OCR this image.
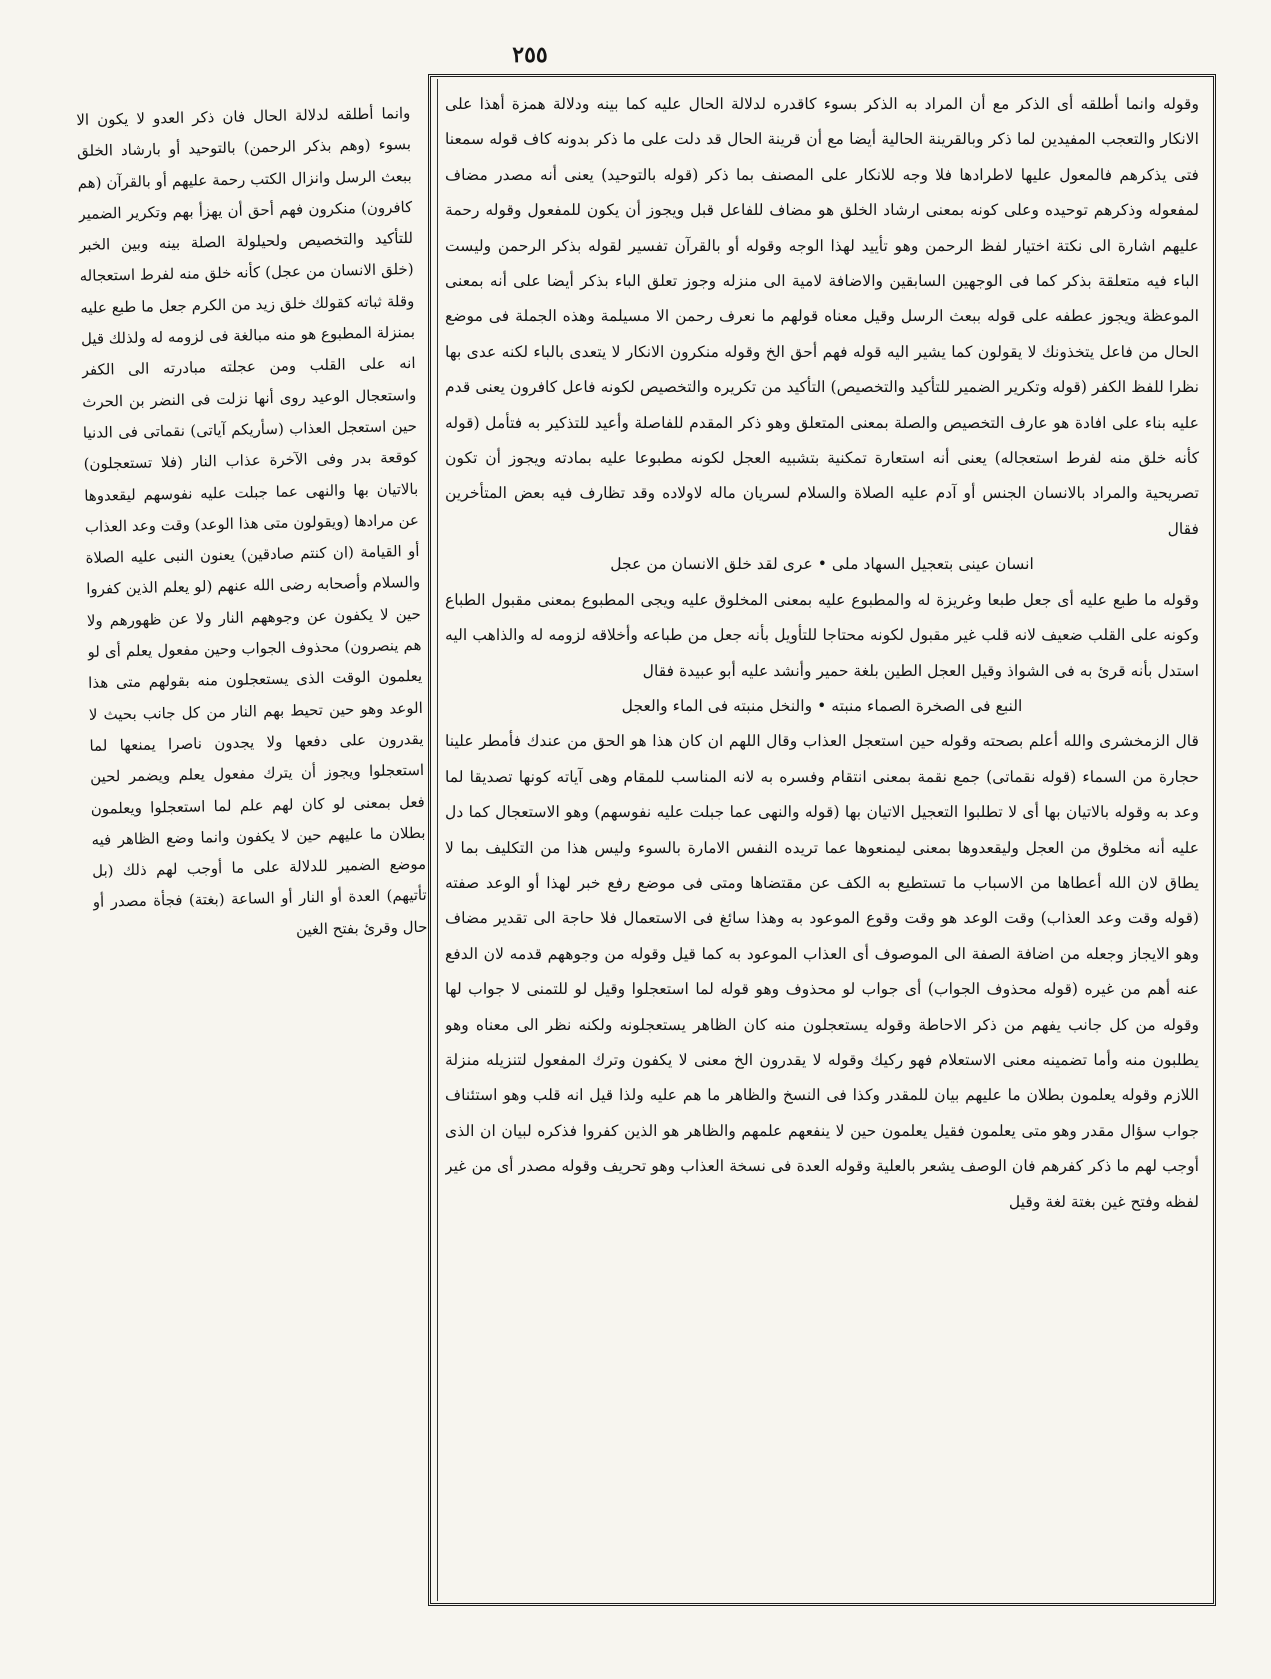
٢٥٥

وقوله وانما أطلقه أى الذكر مع أن المراد به الذكر بسوء كاقدره لدلالة الحال عليه كما بينه ودلالة همزة أهذا على الانكار والتعجب المفيدين لما ذكر وبالقرينة الحالية أيضا مع أن قرينة الحال قد دلت على ما ذكر بدونه كاف قوله سمعنا فتى يذكرهم فالمعول عليها لاطرادها فلا وجه للانكار على المصنف بما ذكر (قوله بالتوحيد) يعنى أنه مصدر مضاف لمفعوله وذكرهم توحيده وعلى كونه بمعنى ارشاد الخلق هو مضاف للفاعل قبل ويجوز أن يكون للمفعول وقوله رحمة عليهم اشارة الى نكتة اختيار لفظ الرحمن وهو تأييد لهذا الوجه وقوله أو بالقرآن تفسير لقوله بذكر الرحمن وليست الباء فيه متعلقة بذكر كما فى الوجهين السابقين والاضافة لامية الى منزله وجوز تعلق الباء بذكر أيضا على أنه بمعنى الموعظة ويجوز عطفه على قوله ببعث الرسل وقيل معناه قولهم ما نعرف رحمن الا مسيلمة وهذه الجملة فى موضع الحال من فاعل يتخذونك لا يقولون كما يشير اليه قوله فهم أحق الخ وقوله منكرون الانكار لا يتعدى بالباء لكنه عدى بها نظرا للفظ الكفر (قوله وتكرير الضمير للتأكيد والتخصيص) التأكيد من تكريره والتخصيص لكونه فاعل كافرون يعنى قدم عليه بناء على افادة هو عارف التخصيص والصلة بمعنى المتعلق وهو ذكر المقدم للفاصلة وأعيد للتذكير به فتأمل (قوله كأنه خلق منه لفرط استعجاله) يعنى أنه استعارة تمكنية بتشبيه العجل لكونه مطبوعا عليه بمادته ويجوز أن تكون تصريحية والمراد بالانسان الجنس أو آدم عليه الصلاة والسلام لسريان ماله لاولاده وقد تظارف فيه بعض المتأخرين فقال

انسان عينى بتعجيل السهاد ملى • عرى لقد خلق الانسان من عجل

وقوله ما طبع عليه أى جعل طبعا وغريزة له والمطبوع عليه بمعنى المخلوق عليه ويجى المطبوع بمعنى مقبول الطباع وكونه على القلب ضعيف لانه قلب غير مقبول لكونه محتاجا للتأويل بأنه جعل من طباعه وأخلاقه لزومه له والذاهب اليه استدل بأنه قرئ به فى الشواذ وقيل العجل الطين بلغة حمير وأنشد عليه أبو عبيدة فقال

النبع فى الصخرة الصماء منبته • والنخل منبته فى الماء والعجل

قال الزمخشرى والله أعلم بصحته وقوله حين استعجل العذاب وقال اللهم ان كان هذا هو الحق من عندك فأمطر علينا حجارة من السماء (قوله نقماتى) جمع نقمة بمعنى انتقام وفسره به لانه المناسب للمقام وهى آياته كونها تصديقا لما وعد به وقوله بالاتيان بها أى لا تطلبوا التعجيل الاتيان بها (قوله والنهى عما جبلت عليه نفوسهم) وهو الاستعجال كما دل عليه أنه مخلوق من العجل وليقعدوها بمعنى ليمنعوها عما تريده النفس الامارة بالسوء وليس هذا من التكليف بما لا يطاق لان الله أعطاها من الاسباب ما تستطيع به الكف عن مقتضاها ومتى فى موضع رفع خبر لهذا أو الوعد صفته (قوله وقت وعد العذاب) وقت الوعد هو وقت وقوع الموعود به وهذا سائغ فى الاستعمال فلا حاجة الى تقدير مضاف وهو الايجاز وجعله من اضافة الصفة الى الموصوف أى العذاب الموعود به كما قيل وقوله من وجوههم قدمه لان الدفع عنه أهم من غيره (قوله محذوف الجواب) أى جواب لو محذوف وهو قوله لما استعجلوا وقيل لو للتمنى لا جواب لها وقوله من كل جانب يفهم من ذكر الاحاطة وقوله يستعجلون منه كان الظاهر يستعجلونه ولكنه نظر الى معناه وهو يطلبون منه وأما تضمينه معنى الاستعلام فهو ركيك وقوله لا يقدرون الخ معنى لا يكفون وترك المفعول لتنزيله منزلة اللازم وقوله يعلمون بطلان ما عليهم بيان للمقدر وكذا فى النسخ والظاهر ما هم عليه ولذا قيل انه قلب وهو استئناف جواب سؤال مقدر وهو متى يعلمون فقيل يعلمون حين لا ينفعهم علمهم والظاهر هو الذين كفروا فذكره لبيان ان الذى أوجب لهم ما ذكر كفرهم فان الوصف يشعر بالعلية وقوله العدة فى نسخة العذاب وهو تحريف وقوله مصدر أى من غير لفظه وفتح غين بغتة لغة وقيل

وانما أطلقه لدلالة الحال فان ذكر العدو لا يكون الا بسوء (وهم بذكر الرحمن) بالتوحيد أو بارشاد الخلق ببعث الرسل وانزال الكتب رحمة عليهم أو بالقرآن (هم كافرون) منكرون فهم أحق أن يهزأ بهم وتكرير الضمير للتأكيد والتخصيص ولحيلولة الصلة بينه وبين الخبر (خلق الانسان من عجل) كأنه خلق منه لفرط استعجاله وقلة ثباته كقولك خلق زيد من الكرم جعل ما طبع عليه بمنزلة المطبوع هو منه مبالغة فى لزومه له ولذلك قيل انه على القلب ومن عجلته مبادرته الى الكفر واستعجال الوعيد روى أنها نزلت فى النضر بن الحرث حين استعجل العذاب (سأريكم آياتى) نقماتى فى الدنيا كوقعة بدر وفى الآخرة عذاب النار (فلا تستعجلون) بالاتيان بها والنهى عما جبلت عليه نفوسهم ليقعدوها عن مرادها (ويقولون متى هذا الوعد) وقت وعد العذاب أو القيامة (ان كنتم صادقين) يعنون النبى عليه الصلاة والسلام وأصحابه رضى الله عنهم (لو يعلم الذين كفروا حين لا يكفون عن وجوههم النار ولا عن ظهورهم ولا هم ينصرون) محذوف الجواب وحين مفعول يعلم أى لو يعلمون الوقت الذى يستعجلون منه بقولهم متى هذا الوعد وهو حين تحيط بهم النار من كل جانب بحيث لا يقدرون على دفعها ولا يجدون ناصرا يمنعها لما استعجلوا ويجوز أن يترك مفعول يعلم ويضمر لحين فعل بمعنى لو كان لهم علم لما استعجلوا ويعلمون بطلان ما عليهم حين لا يكفون وانما وضع الظاهر فيه موضع الضمير للدلالة على ما أوجب لهم ذلك (بل تأتيهم) العدة أو النار أو الساعة (بغتة) فجأة مصدر أو حال وقرئ بفتح الغين
